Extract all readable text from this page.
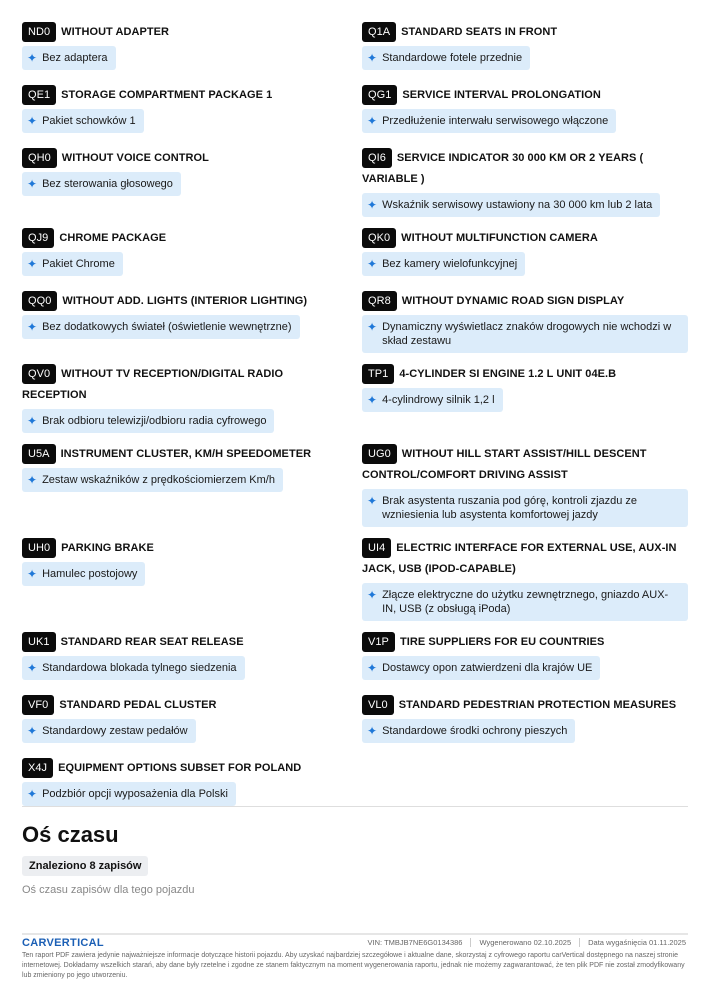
ND0 WITHOUT ADAPTER
✦ Bez adaptera
Q1A STANDARD SEATS IN FRONT
✦ Standardowe fotele przednie
QE1 STORAGE COMPARTMENT PACKAGE 1
✦ Pakiet schowków 1
QG1 SERVICE INTERVAL PROLONGATION
✦ Przedłużenie interwału serwisowego włączone
QH0 WITHOUT VOICE CONTROL
✦ Bez sterowania głosowego
QI6 SERVICE INDICATOR 30 000 KM OR 2 YEARS ( VARIABLE )
✦ Wskaźnik serwisowy ustawiony na 30 000 km lub 2 lata
QJ9 CHROME PACKAGE
✦ Pakiet Chrome
QK0 WITHOUT MULTIFUNCTION CAMERA
✦ Bez kamery wielofunkcyjnej
QQ0 WITHOUT ADD. LIGHTS (INTERIOR LIGHTING)
✦ Bez dodatkowych świateł (oświetlenie wewnętrzne)
QR8 WITHOUT DYNAMIC ROAD SIGN DISPLAY
✦ Dynamiczny wyświetlacz znaków drogowych nie wchodzi w skład zestawu
QV0 WITHOUT TV RECEPTION/DIGITAL RADIO RECEPTION
✦ Brak odbioru telewizji/odbioru radia cyfrowego
TP1 4-CYLINDER SI ENGINE 1.2 L UNIT 04E.B
✦ 4-cylindrowy silnik 1,2 l
U5A INSTRUMENT CLUSTER, KM/H SPEEDOMETER
✦ Zestaw wskaźników z prędkościomierzem Km/h
UG0 WITHOUT HILL START ASSIST/HILL DESCENT CONTROL/COMFORT DRIVING ASSIST
✦ Brak asystenta ruszania pod górę, kontroli zjazdu ze wzniesienia lub asystenta komfortowej jazdy
UH0 PARKING BRAKE
✦ Hamulec postojowy
UI4 ELECTRIC INTERFACE FOR EXTERNAL USE, AUX-IN JACK, USB (IPOD-CAPABLE)
✦ Złącze elektryczne do użytku zewnętrznego, gniazdo AUX-IN, USB (z obsługą iPoda)
UK1 STANDARD REAR SEAT RELEASE
✦ Standardowa blokada tylnego siedzenia
V1P TIRE SUPPLIERS FOR EU COUNTRIES
✦ Dostawcy opon zatwierdzeni dla krajów UE
VF0 STANDARD PEDAL CLUSTER
✦ Standardowy zestaw pedałów
VL0 STANDARD PEDESTRIAN PROTECTION MEASURES
✦ Standardowe środki ochrony pieszych
X4J EQUIPMENT OPTIONS SUBSET FOR POLAND
✦ Podzbiór opcji wyposażenia dla Polski
Oś czasu
Znaleziono 8 zapisów
Oś czasu zapisów dla tego pojazdu
CARVERTICAL	VIN: TMBJB7NE6G0134386	Wygenerowano 02.10.2025	Data wygaśnięcia 01.11.2025
Ten raport PDF zawiera jedynie najważniejsze informacje dotyczące historii pojazdu. Aby uzyskać najbardziej szczegółowe i aktualne dane, skorzystaj z cyfrowego raportu carVertical dostępnego na naszej stronie internetowej. Dokładamy wszelkich starań, aby dane były rzetelne i zgodne ze stanem faktycznym na moment wygenerowania raportu, jednak nie możemy zagwarantować, że ten plik PDF nie został zmodyfikowany lub zmieniony po jego utworzeniu.
